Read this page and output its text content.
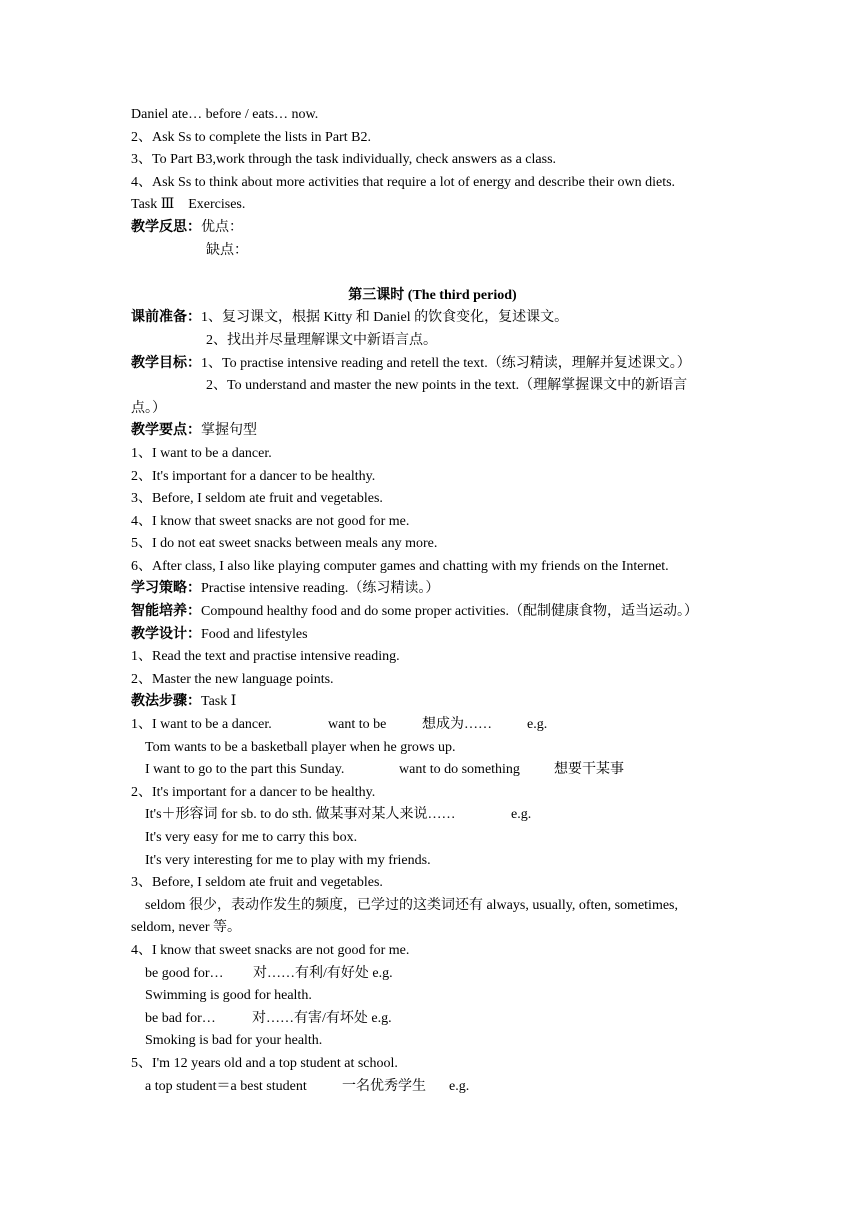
Daniel ate… before / eats… now.
2、Ask Ss to complete the lists in Part B2.
3、To Part B3,work through the task individually, check answers as a class.
4、Ask Ss to think about more activities that require a lot of energy and describe their own diets.
Task Ⅲ　Exercises.
教学反思：优点：
缺点：
第三课时 (The third period)
课前准备：1、复习课文，根据 Kitty 和 Daniel 的饮食变化，复述课文。
2、找出并尽量理解课文中新语言点。
教学目标：1、To practise intensive reading and retell the text.（练习精读，理解并复述课文。）
2、To understand and master the new points in the text.（理解掌握课文中的新语言
点。）
教学要点：掌握句型
1、I want to be a dancer.
2、It's important for a dancer to be healthy.
3、Before, I seldom ate fruit and vegetables.
4、I know that sweet snacks are not good for me.
5、I do not eat sweet snacks between meals any more.
6、After class, I also like playing computer games and chatting with my friends on the Internet.
学习策略：Practise intensive reading.（练习精读。）
智能培养：Compound healthy food and do some proper activities.（配制健康食物，适当运动。）
教学设计：Food and lifestyles
1、Read the text and practise intensive reading.
2、Master the new language points.
教法步骤：Task Ⅰ
1、I want to be a dancer.	want to be	想成为……	e.g.
Tom wants to be a basketball player when he grows up.
I want to go to the part this Sunday.	want to do something 想要干某事
2、It's important for a dancer to be healthy.
It's＋形容词 for sb. to do sth. 做某事对某人来说……	e.g.
It's very easy for me to carry this box.
It's very interesting for me to play with my friends.
3、Before, I seldom ate fruit and vegetables.
seldom 很少，表动作发生的频度，已学过的这类词还有 always, usually, often, sometimes,
seldom, never 等。
4、I know that sweet snacks are not good for me.
be good for… 对……有利/有好处 e.g.
Swimming is good for health.
be bad for…	对……有害/有坏处 e.g.
Smoking is bad for your health.
5、I'm 12 years old and a top student at school.
a top student＝a best student	一名优秀学生 e.g.
